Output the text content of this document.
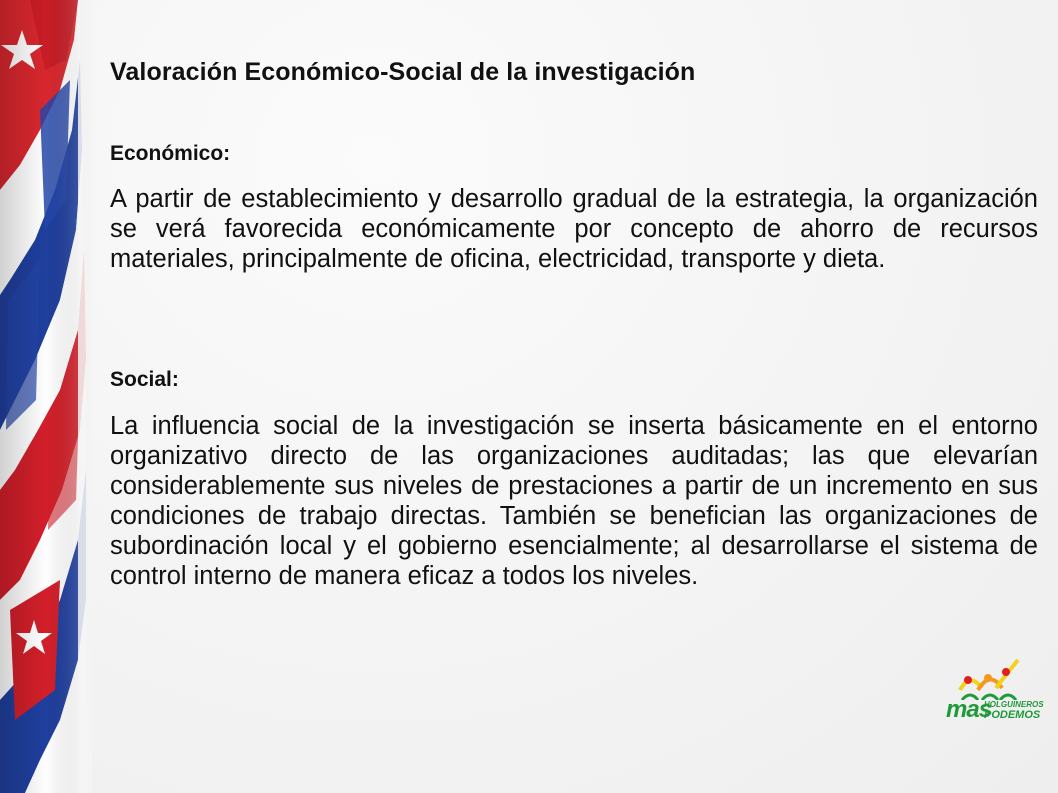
Valoración Económico-Social de la investigación
Económico:

A partir de establecimiento y desarrollo gradual de la estrategia, la organización se verá favorecida económicamente por concepto de ahorro de recursos materiales, principalmente de oficina, electricidad, transporte y dieta.

Social:

La influencia social de la investigación se inserta básicamente en el entorno organizativo directo de las organizaciones auditadas; las que elevarían considerablemente sus niveles de prestaciones a partir de un incremento en sus condiciones de trabajo directas. También se benefician las organizaciones de subordinación local y el gobierno esencialmente; al desarrollarse el sistema de control interno de manera eficaz a todos los niveles.

mas
HOLGUINEROS
PODEMOS
